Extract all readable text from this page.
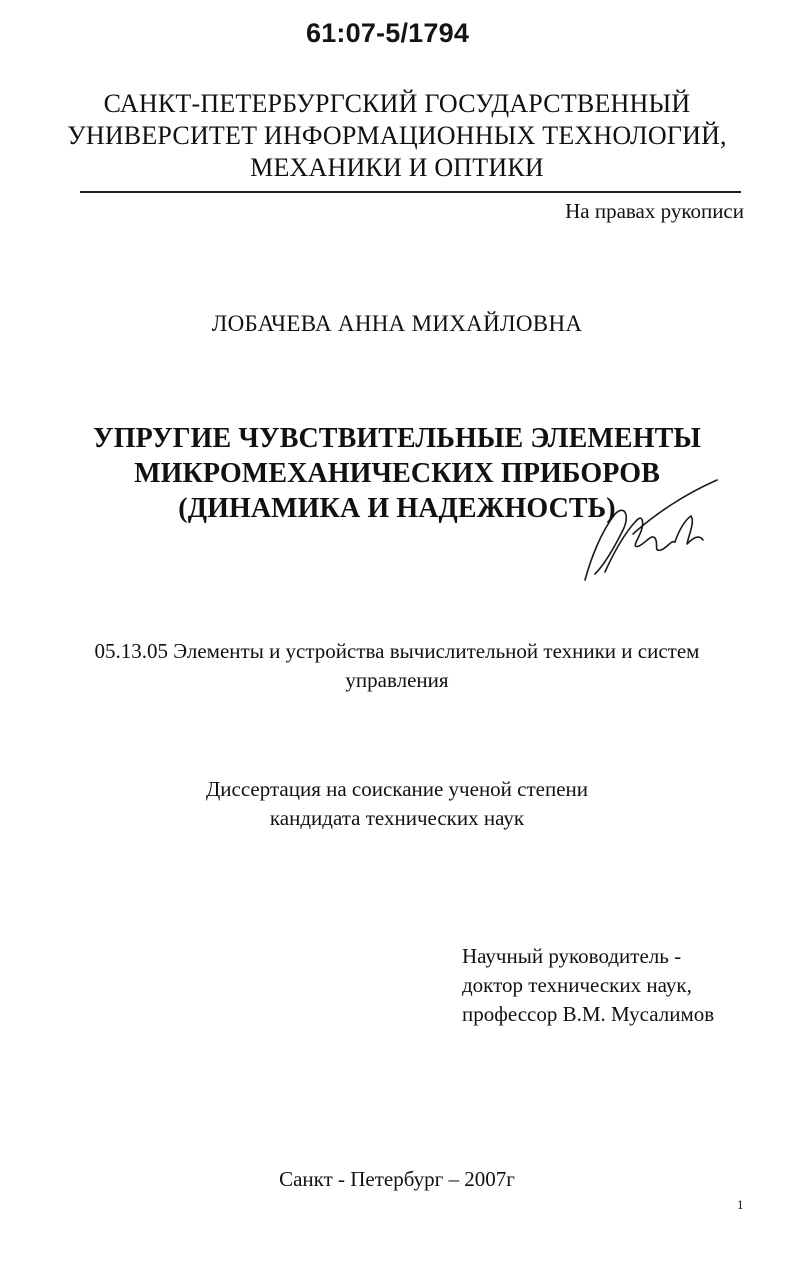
61:07-5/1794
САНКТ-ПЕТЕРБУРГСКИЙ ГОСУДАРСТВЕННЫЙ
УНИВЕРСИТЕТ ИНФОРМАЦИОННЫХ ТЕХНОЛОГИЙ,
МЕХАНИКИ И ОПТИКИ
На правах рукописи
ЛОБАЧЕВА АННА МИХАЙЛОВНА
УПРУГИЕ ЧУВСТВИТЕЛЬНЫЕ ЭЛЕМЕНТЫ
МИКРОМЕХАНИЧЕСКИХ ПРИБОРОВ
(ДИНАМИКА И НАДЕЖНОСТЬ)
05.13.05 Элементы и устройства вычислительной техники и систем
управления
Диссертация на соискание ученой степени
кандидата технических наук
Научный руководитель -
доктор технических наук,
профессор В.М. Мусалимов
Санкт - Петербург – 2007г
1
